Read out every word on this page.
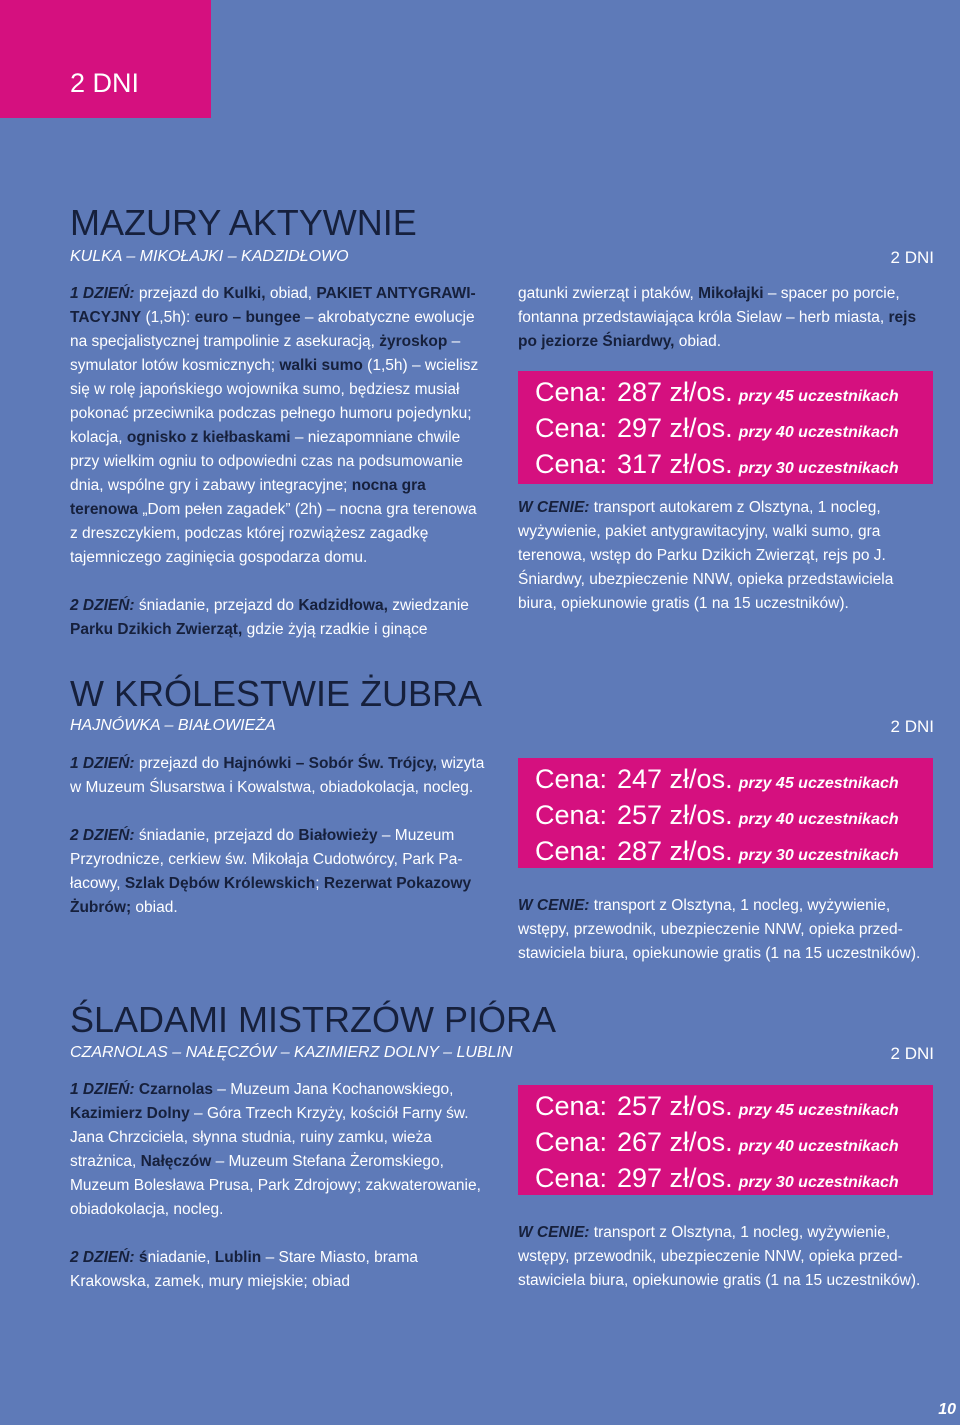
2 DNI
MAZURY AKTYWNIE
KULKA – MIKOŁAJKI – KADZIDŁOWO	2 DNI

1 DZIEŃ: przejazd do Kulki, obiad, PAKIET ANTYGRAWI-TACYJNY (1,5h): euro – bungee – akrobatyczne ewolucje na specjalistycznej trampolinie z asekuracją, żyroskop – symulator lotów kosmicznych; walki sumo (1,5h) – wcielisz się w rolę japońskiego wojownika sumo, będziesz musiał pokonać przeciwnika podczas pełnego humoru pojedynku; kolacja, ognisko z kiełbaskami – niezapomniane chwile przy wielkim ogniu to odpowiedni czas na podsumowanie dnia, wspólne gry i zabawy integracyjne; nocna gra terenowa „Dom pełen zagadek” (2h) – nocna gra terenowa z dreszczykiem, podczas której rozwiążesz zagadkę tajemniczego zaginięcia gospodarza domu.

2 DZIEŃ: śniadanie, przejazd do Kadzidłowa, zwiedzanie Parku Dzikich Zwierząt, gdzie żyją rzadkie i ginące

gatunki zwierząt i ptaków, Mikołajki – spacer po porcie, fontanna przedstawiająca króla Sielaw – herb miasta, rejs po jeziorze Śniardwy, obiad.

Cena: 287 zł/os. przy 45 uczestnikach
Cena: 297 zł/os. przy 40 uczestnikach
Cena: 317 zł/os. przy 30 uczestnikach

W CENIE: transport autokarem z Olsztyna, 1 nocleg, wyżywienie, pakiet antygrawitacyjny, walki sumo, gra terenowa, wstęp do Parku Dzikich Zwierząt, rejs po J. Śniardwy, ubezpieczenie NNW, opieka przedstawiciela biura, opiekunowie gratis (1 na 15 uczestników).

W KRÓLESTWIE ŻUBRA
HAJNÓWKA – BIAŁOWIEŻA	2 DNI

1 DZIEŃ: przejazd do Hajnówki – Sobór Św. Trójcy, wizyta w Muzeum Ślusarstwa i Kowalstwa, obiadokolacja, nocleg.

2 DZIEŃ: śniadanie, przejazd do Białowieży – Muzeum Przyrodnicze, cerkiew św. Mikołaja Cudotwórcy, Park Pa-łacowy, Szlak Dębów Królewskich; Rezerwat Pokazowy Żubrów; obiad.

Cena: 247 zł/os. przy 45 uczestnikach
Cena: 257 zł/os. przy 40 uczestnikach
Cena: 287 zł/os. przy 30 uczestnikach

W CENIE: transport z Olsztyna, 1 nocleg, wyżywienie, wstępy, przewodnik, ubezpieczenie NNW, opieka przed-stawiciela biura, opiekunowie gratis (1 na 15 uczestników).

ŚLADAMI MISTRZÓW PIÓRA
CZARNOLAS – NAŁĘCZÓW – KAZIMIERZ DOLNY – LUBLIN	2 DNI

1 DZIEŃ: Czarnolas – Muzeum Jana Kochanowskiego, Kazimierz Dolny – Góra Trzech Krzyży, kościół Farny św. Jana Chrzciciela, słynna studnia, ruiny zamku, wieża strażnica, Nałęczów – Muzeum Stefana Żeromskiego, Muzeum Bolesława Prusa, Park Zdrojowy; zakwaterowanie, obiadokolacja, nocleg.

2 DZIEŃ: śniadanie, Lublin – Stare Miasto, brama Krakowska, zamek, mury miejskie; obiad

Cena: 257 zł/os. przy 45 uczestnikach
Cena: 267 zł/os. przy 40 uczestnikach
Cena: 297 zł/os. przy 30 uczestnikach

W CENIE: transport z Olsztyna, 1 nocleg, wyżywienie, wstępy, przewodnik, ubezpieczenie NNW, opieka przed-stawiciela biura, opiekunowie gratis (1 na 15 uczestników).

10
